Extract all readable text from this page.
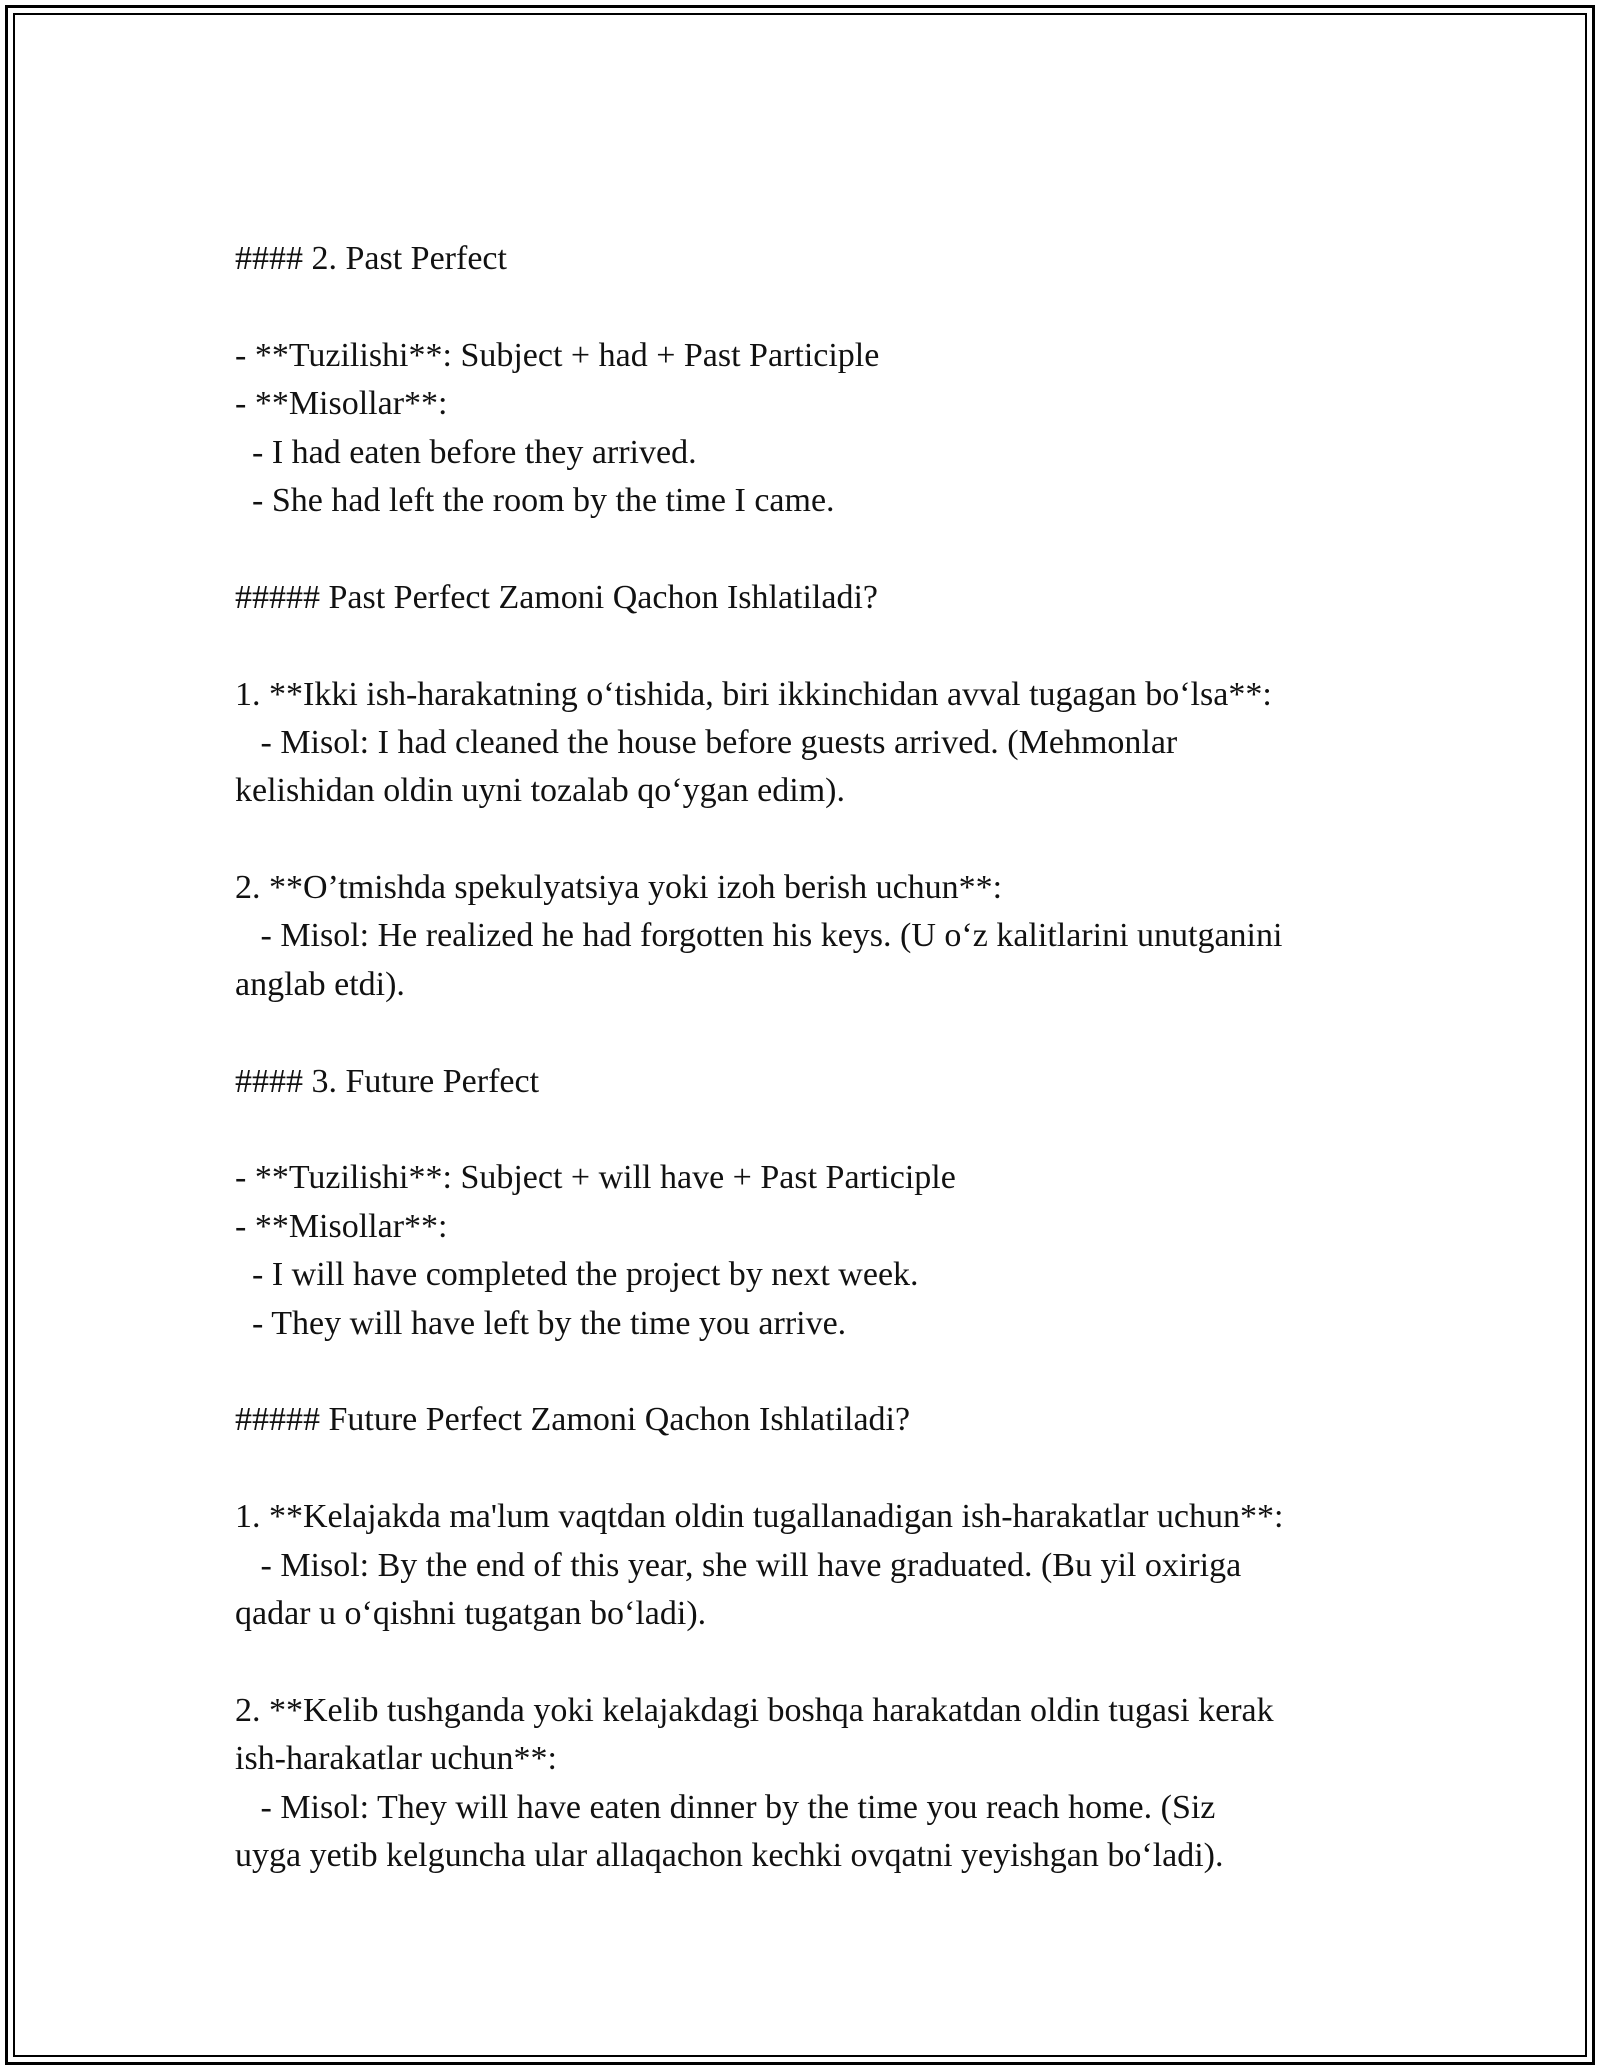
#### 2. Past Perfect
- **Tuzilishi**: Subject + had + Past Participle
- **Misollar**:
- I had eaten before they arrived.
- She had left the room by the time I came.
##### Past Perfect Zamoni Qachon Ishlatiladi?
1. **Ikki ish-harakatning o‘tishida, biri ikkinchidan avval tugagan bo‘lsa**:
- Misol: I had cleaned the house before guests arrived. (Mehmonlar
kelishidan oldin uyni tozalab qo‘ygan edim).
2. **O’tmishda spekulyatsiya yoki izoh berish uchun**:
- Misol: He realized he had forgotten his keys. (U o‘z kalitlarini unutganini
anglab etdi).
#### 3. Future Perfect
- **Tuzilishi**: Subject + will have + Past Participle
- **Misollar**:
- I will have completed the project by next week.
- They will have left by the time you arrive.
##### Future Perfect Zamoni Qachon Ishlatiladi?
1. **Kelajakda ma'lum vaqtdan oldin tugallanadigan ish-harakatlar uchun**:
- Misol: By the end of this year, she will have graduated. (Bu yil oxiriga
qadar u o‘qishni tugatgan bo‘ladi).
2. **Kelib tushganda yoki kelajakdagi boshqa harakatdan oldin tugasi kerak
ish-harakatlar uchun**:
- Misol: They will have eaten dinner by the time you reach home. (Siz
uyga yetib kelguncha ular allaqachon kechki ovqatni yeyishgan bo‘ladi).
